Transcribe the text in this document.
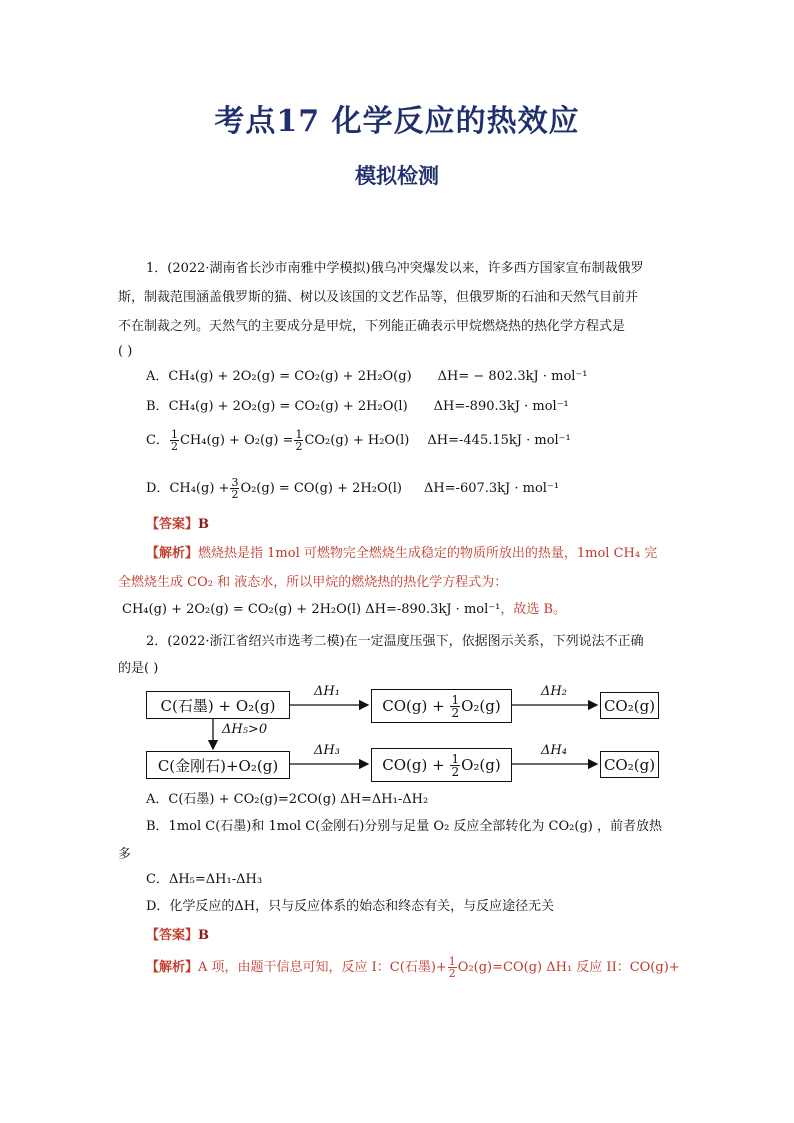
考点17 化学反应的热效应
模拟检测
1．(2022·湖南省长沙市南雅中学模拟)俄乌冲突爆发以来，许多西方国家宣布制裁俄罗
斯，制裁范围涵盖俄罗斯的猫、树以及该国的文艺作品等，但俄罗斯的石油和天然气目前并
不在制裁之列。天然气的主要成分是甲烷，下列能正确表示甲烷燃烧热的热化学方程式是
( )
A．CH₄(g) + 2O₂(g) = CO₂(g) + 2H₂O(g) ΔH= − 802.3kJ · mol⁻¹
B．CH₄(g) + 2O₂(g) = CO₂(g) + 2H₂O(l) ΔH=-890.3kJ · mol⁻¹
C． $\frac{1}{2} CH_4(g) + O_2(g) = \frac{1}{2} CO_2(g) + H_2O(l) \Delta H=-445.15kJ \cdot mol^{-1}$
D．$CH_4(g) + \frac{3}{2} O_2(g) = CO(g) + 2H_2O(l) \Delta H=-607.3kJ \cdot mol^{-1}$
【答案】B
【解析】燃烧热是指 1mol 可燃物完全燃烧生成稳定的物质所放出的热量，1mol CH₄ 完
全燃烧生成 CO₂ 和 液态水，所以甲烷的燃烧热的热化学方程式为：
CH₄(g) + 2O₂(g) = CO₂(g) + 2H₂O(l) ΔH=-890.3kJ · mol⁻¹，故选 B。
2．(2022·浙江省绍兴市选考二模)在一定温度压强下，依据图示关系，下列说法不正确
的是( )
C(石墨) + O₂(g)	CO(g) +
$\frac{1}{2} O_2(g)$	CO₂(g)
C(金刚石)+O₂(g)	CO(g) +
$\frac{1}{2} O_2(g)$	CO₂(g)
ΔH₁	ΔH₂
ΔH₃	ΔH₄
ΔH₅>0
A．C(石墨) + CO₂(g)=2CO(g) ΔH=ΔH₁-ΔH₂
B．1mol C(石墨)和 1mol C(金刚石)分别与足量 O₂ 反应全部转化为 CO₂(g) ，前者放热
多
C．ΔH₅=ΔH₁-ΔH₃
D．化学反应的ΔH，只与反应体系的始态和终态有关，与反应途径无关
【答案】B
【解析】A 项，由题干信息可知，反应 I：C(石墨)+ $\frac{1}{2} O_2(g)=CO(g)$ ΔH₁ 反应 II：CO(g)+
